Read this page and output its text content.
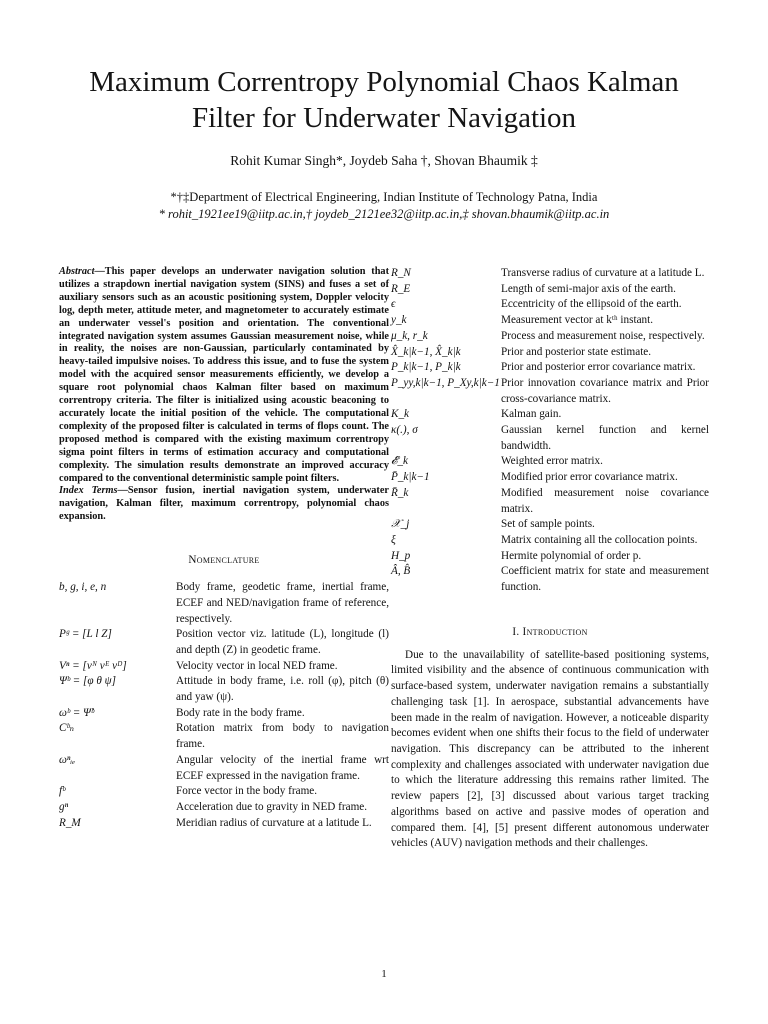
Maximum Correntropy Polynomial Chaos Kalman
Filter for Underwater Navigation
Rohit Kumar Singh*, Joydeb Saha †, Shovan Bhaumik ‡
*†‡Department of Electrical Engineering, Indian Institute of Technology Patna, India
* rohit_1921ee19@iitp.ac.in,† joydeb_2121ee32@iitp.ac.in,‡ shovan.bhaumik@iitp.ac.in

Abstract—This paper develops an underwater navigation solution that utilizes a strapdown inertial navigation system (SINS) and fuses a set of auxiliary sensors such as an acoustic positioning system, Doppler velocity log, depth meter, attitude meter, and magnetometer to accurately estimate an underwater vessel's position and orientation. The conventional integrated navigation system assumes Gaussian measurement noise, while in reality, the noises are non-Gaussian, particularly contaminated by heavy-tailed impulsive noises. To address this issue, and to fuse the system model with the acquired sensor measurements efficiently, we develop a square root polynomial chaos Kalman filter based on maximum correntropy criteria. The filter is initialized using acoustic beaconing to accurately locate the initial position of the vehicle. The computational complexity of the proposed filter is calculated in terms of flops count. The proposed method is compared with the existing maximum correntropy sigma point filters in terms of estimation accuracy and computational complexity. The simulation results demonstrate an improved accuracy compared to the conventional deterministic sample point filters.

Index Terms—Sensor fusion, inertial navigation system, underwater navigation, Kalman filter, maximum correntropy, polynomial chaos expansion.

Nomenclature

b, g, i, e, n	Body frame, geodetic frame, inertial frame, ECEF and NED/navigation frame of reference, respectively.
Pᵍ = [L l Z]	Position vector viz. latitude (L), longitude (l) and depth (Z) in geodetic frame.
Vⁿ = [vᴺ vᴱ vᴰ]	Velocity vector in local NED frame.
Ψᵇ = [φ θ ψ]	Attitude in body frame, i.e. roll (φ), pitch (θ) and yaw (ψ).
ωᵇ = Ψ̇ᵇ	Body rate in the body frame.
Cᵇₙ	Rotation matrix from body to navigation frame.
ωⁿᵢₑ	Angular velocity of the inertial frame wrt ECEF expressed in the navigation frame.
fᵇ	Force vector in the body frame.
gⁿ	Acceleration due to gravity in NED frame.
R_M	Meridian radius of curvature at a latitude L.
R_N	Transverse radius of curvature at a latitude L.
R_E	Length of semi-major axis of the earth.
ϵ	Eccentricity of the ellipsoid of the earth.
y_k	Measurement vector at kᵗʰ instant.
μ_k, r_k	Process and measurement noise, respectively.
X̂_k|k−1, X̂_k|k	Prior and posterior state estimate.
P_k|k−1, P_k|k	Prior and posterior error covariance matrix.
P_yy,k|k−1, P_Xy,k|k−1 Prior innovation covariance matrix and Prior cross-covariance matrix.
K_k	Kalman gain.
κ(.), σ	Gaussian kernel function and kernel bandwidth.
𝓔_k	Weighted error matrix.
P̄_k|k−1	Modified prior error covariance matrix.
R̄_k	Modified measurement noise covariance matrix.
𝒳_j	Set of sample points.
ξ	Matrix containing all the collocation points.
H_p	Hermite polynomial of order p.
Â, B̂	Coefficient matrix for state and measurement function.

I. Introduction

Due to the unavailability of satellite-based positioning systems, limited visibility and the absence of continuous communication with surface-based system, underwater navigation remains a substantially challenging task [1]. In aerospace, substantial advancements have been made in the realm of navigation. However, a noticeable disparity becomes evident when one shifts their focus to the field of underwater navigation. This discrepancy can be attributed to the inherent complexity and challenges associated with underwater navigation due to which the literature addressing this remains rather limited. The review papers [2], [3] discussed about various target tracking algorithms based on active and passive modes of operation and compared them. [4], [5] present different autonomous underwater vehicles (AUV) navigation methods and their challenges.

1
